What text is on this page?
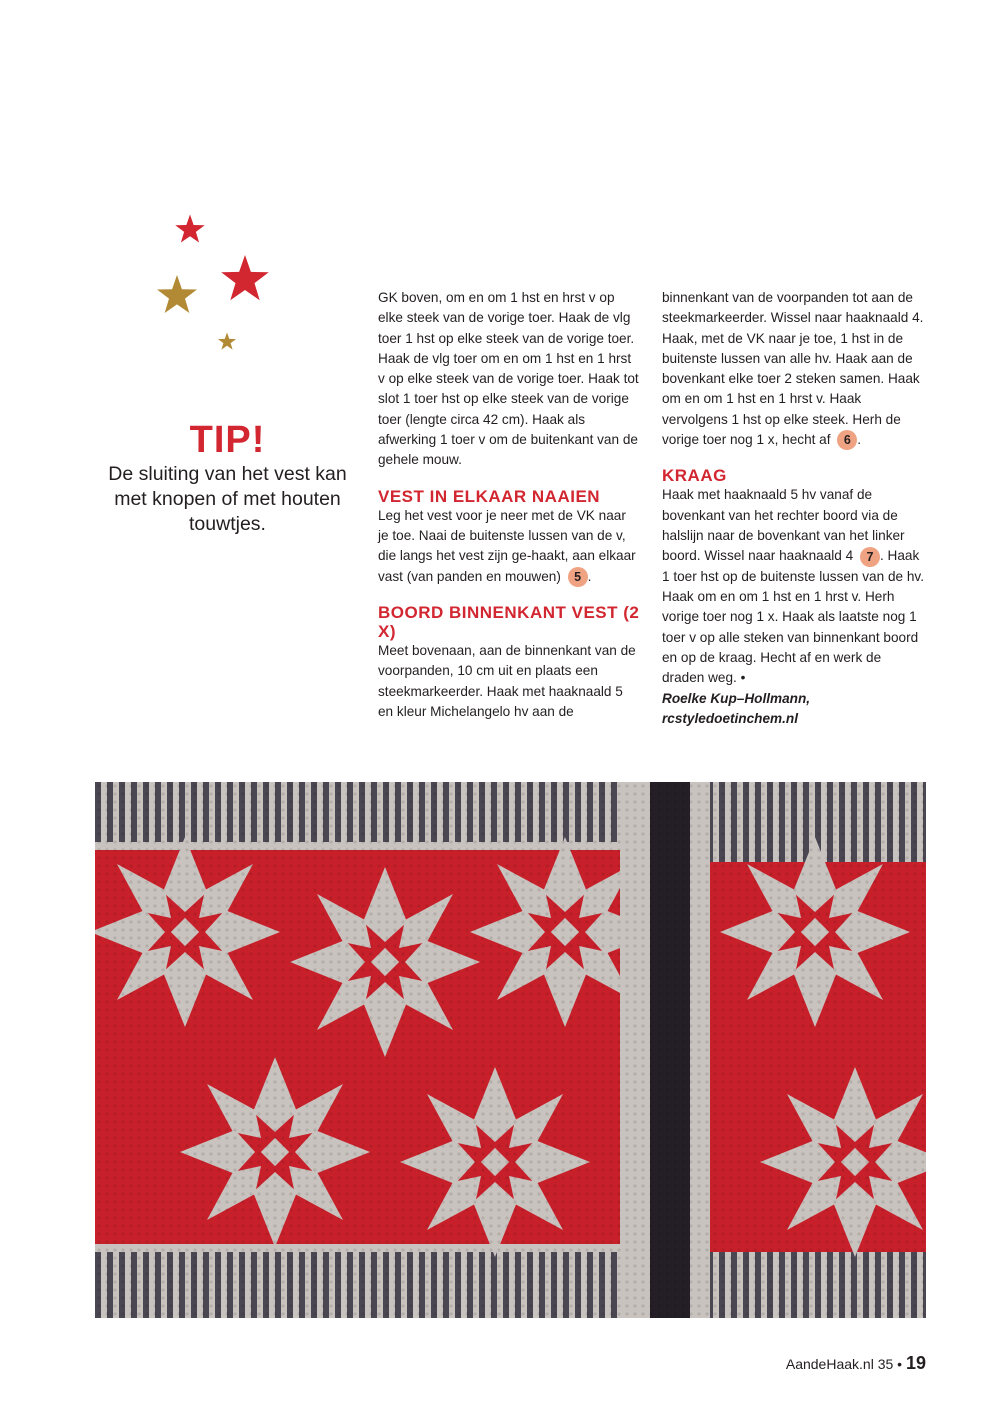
TIP!
De sluiting van het vest kan met knopen of met houten touwtjes.

GK boven, om en om 1 hst en hrst v op elke steek van de vorige toer. Haak de vlg toer 1 hst op elke steek van de vorige toer. Haak de vlg toer om en om 1 hst en 1 hrst v op elke steek van de vorige toer. Haak tot slot 1 toer hst op elke steek van de vorige toer (lengte circa 42 cm). Haak als afwerking 1 toer v om de buitenkant van de gehele mouw.

VEST IN ELKAAR NAAIEN

Leg het vest voor je neer met de VK naar je toe. Naai de buitenste lussen van de v, die langs het vest zijn ge-haakt, aan elkaar vast (van panden en mouwen) 5 .

BOORD BINNENKANT VEST (2 X)

Meet bovenaan, aan de binnenkant van de voorpanden, 10 cm uit en plaats een steekmarkeerder. Haak met haaknaald 5 en kleur Michelangelo hv aan de

binnenkant van de voorpanden tot aan de steekmarkeerder. Wissel naar haaknaald 4. Haak, met de VK naar je toe, 1 hst in de buitenste lussen van alle hv. Haak aan de bovenkant elke toer 2 steken samen. Haak om en om 1 hst en 1 hrst v. Haak vervolgens 1 hst op elke steek. Herh de vorige toer nog 1 x, hecht af 6 .

KRAAG

Haak met haaknaald 5 hv vanaf de bovenkant van het rechter boord via de halslijn naar de bovenkant van het linker boord. Wissel naar haaknaald 4 7 . Haak 1 toer hst op de buitenste lussen van de hv. Haak om en om 1 hst en 1 hrst v. Herh vorige toer nog 1 x. Haak als laatste nog 1 toer v op alle steken van binnenkant boord en op de kraag. Hecht af en werk de draden weg. •

Roelke Kup–Hollmann,

rcstyledoetinchem.nl

AandeHaak.nl 35 • 19
